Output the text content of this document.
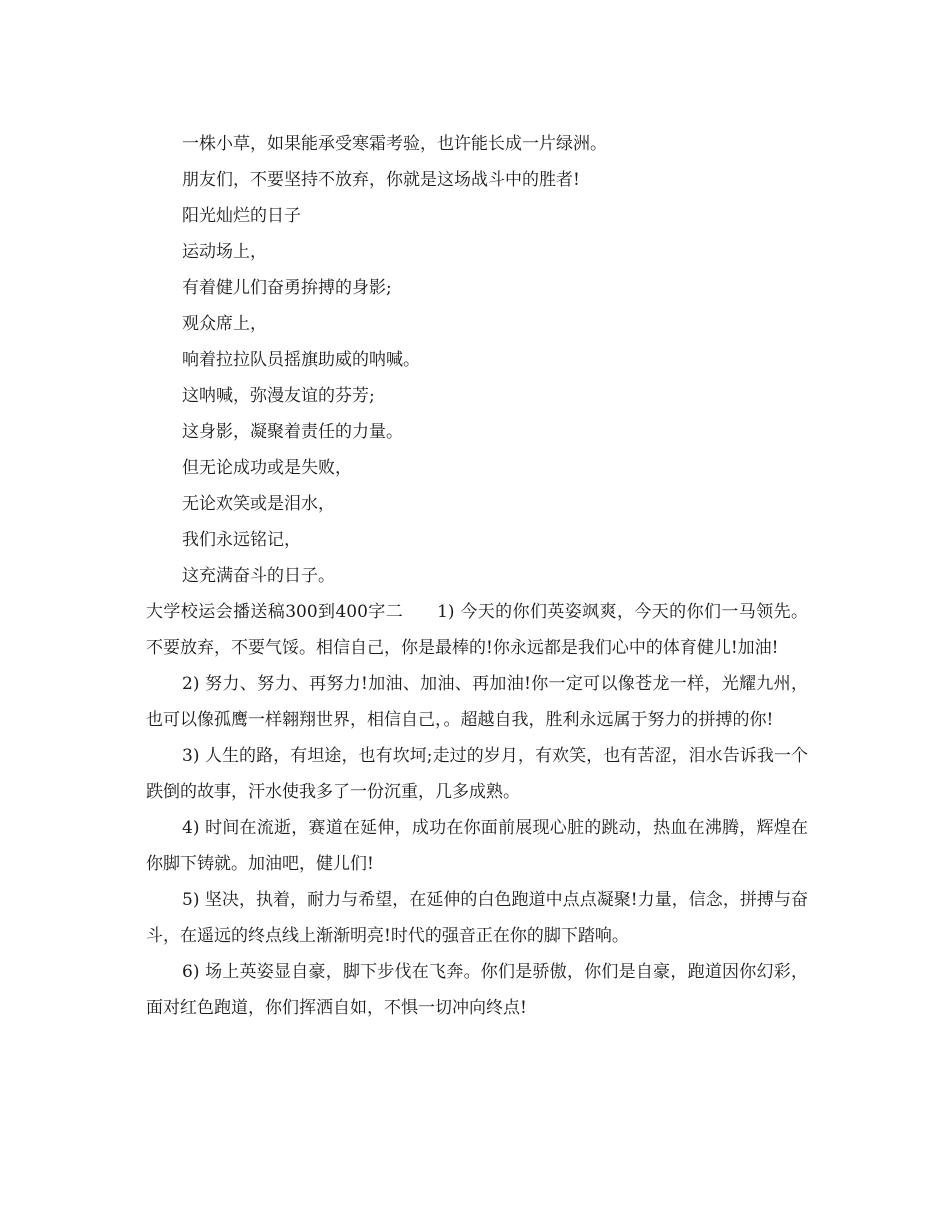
一株小草，如果能承受寒霜考验，也许能长成一片绿洲。

朋友们，不要坚持不放弃，你就是这场战斗中的胜者!

阳光灿烂的日子

运动场上，

有着健儿们奋勇拚搏的身影;

观众席上，

响着拉拉队员摇旗助威的呐喊。

这呐喊，弥漫友谊的芬芳;

这身影，凝聚着责任的力量。

但无论成功或是失败，

无论欢笑或是泪水，

我们永远铭记，

这充满奋斗的日子。

大学校运会播送稿300到400字二 1) 今天的你们英姿飒爽，今天的你们一马领先。不要放弃，不要气馁。相信自己，你是最棒的!你永远都是我们心中的体育健儿!加油!

2) 努力、努力、再努力!加油、加油、再加油!你一定可以像苍龙一样，光耀九州，也可以像孤鹰一样翱翔世界，相信自己，。超越自我，胜利永远属于努力的拼搏的你!

3) 人生的路，有坦途，也有坎坷;走过的岁月，有欢笑，也有苦涩，泪水告诉我一个跌倒的故事，汗水使我多了一份沉重，几多成熟。

4) 时间在流逝，赛道在延伸，成功在你面前展现心脏的跳动，热血在沸腾，辉煌在你脚下铸就。加油吧，健儿们!

5) 坚决，执着，耐力与希望，在延伸的白色跑道中点点凝聚!力量，信念，拼搏与奋斗，在遥远的终点线上渐渐明亮!时代的强音正在你的脚下踏响。

6) 场上英姿显自豪，脚下步伐在飞奔。你们是骄傲，你们是自豪，跑道因你幻彩，面对红色跑道，你们挥洒自如，不惧一切冲向终点!
